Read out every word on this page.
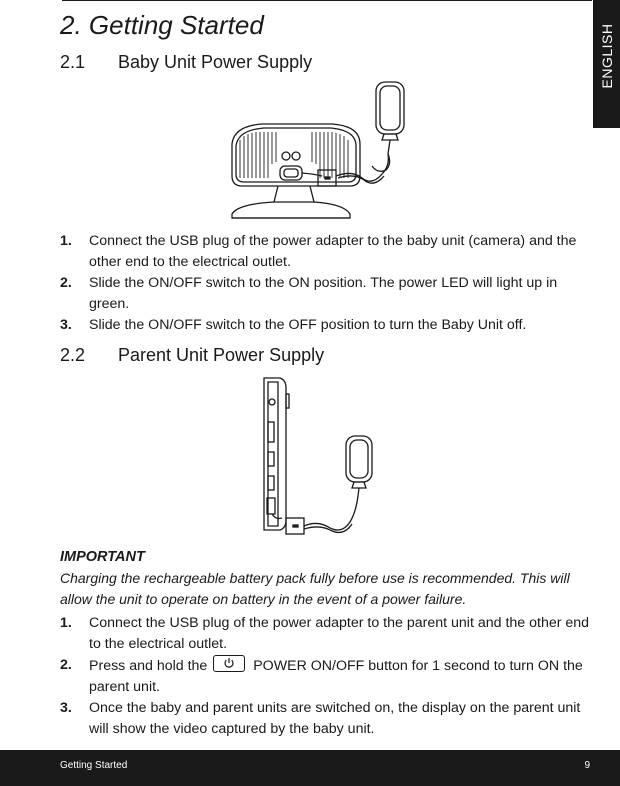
ENGLISH
2. Getting Started
2.1	Baby Unit Power Supply
1.	Connect the USB plug of the power adapter to the baby unit (camera) and the other end to the electrical outlet.
2.	Slide the ON/OFF switch to the ON position. The power LED will light up in green.
3.	Slide the ON/OFF switch to the OFF position to turn the Baby Unit off.
2.2	Parent Unit Power Supply
IMPORTANT
Charging the rechargeable battery pack fully before use is recommended. This will allow the unit to operate on battery in the event of a power failure.
1.	Connect the USB plug of the power adapter to the parent unit and the other end to the electrical outlet.
2.	Press and hold the	POWER ON/OFF button for 1 second to turn ON the parent unit.
3.	Once the baby and parent units are switched on, the display on the parent unit will show the video captured by the baby unit.
Getting Started	9
